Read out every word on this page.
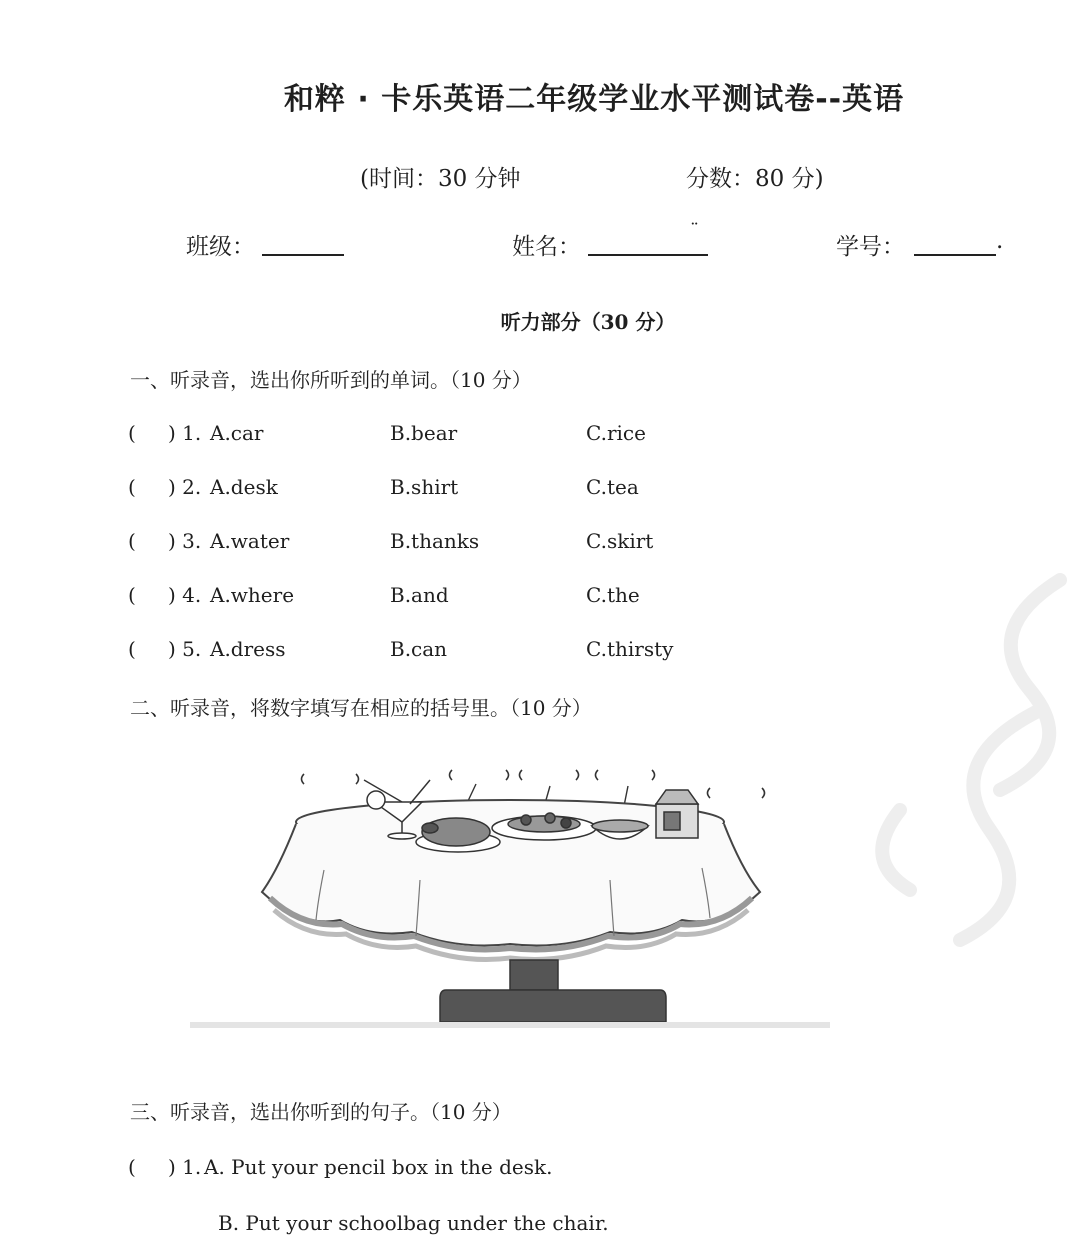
和粹 · 卡乐英语二年级学业水平测试卷--英语
(时间：30 分钟	分数：80 分)
班级：	姓名：
¨
学号：	.
听力部分（30 分）
一、听录音，选出你所听到的单词。（10 分）
( ) 1. A.car	B.bear	C.rice
( ) 2. A.desk	B.shirt	C.tea
( ) 3. A.water	B.thanks	C.skirt
( ) 4. A.where	B.and	C.the
( ) 5. A.dress	B.can	C.thirsty
二、听录音，将数字填写在相应的括号里。（10 分）
三、听录音，选出你听到的句子。（10 分）
( ) 1. A. Put your pencil box in the desk.
B. Put your schoolbag under the chair.
